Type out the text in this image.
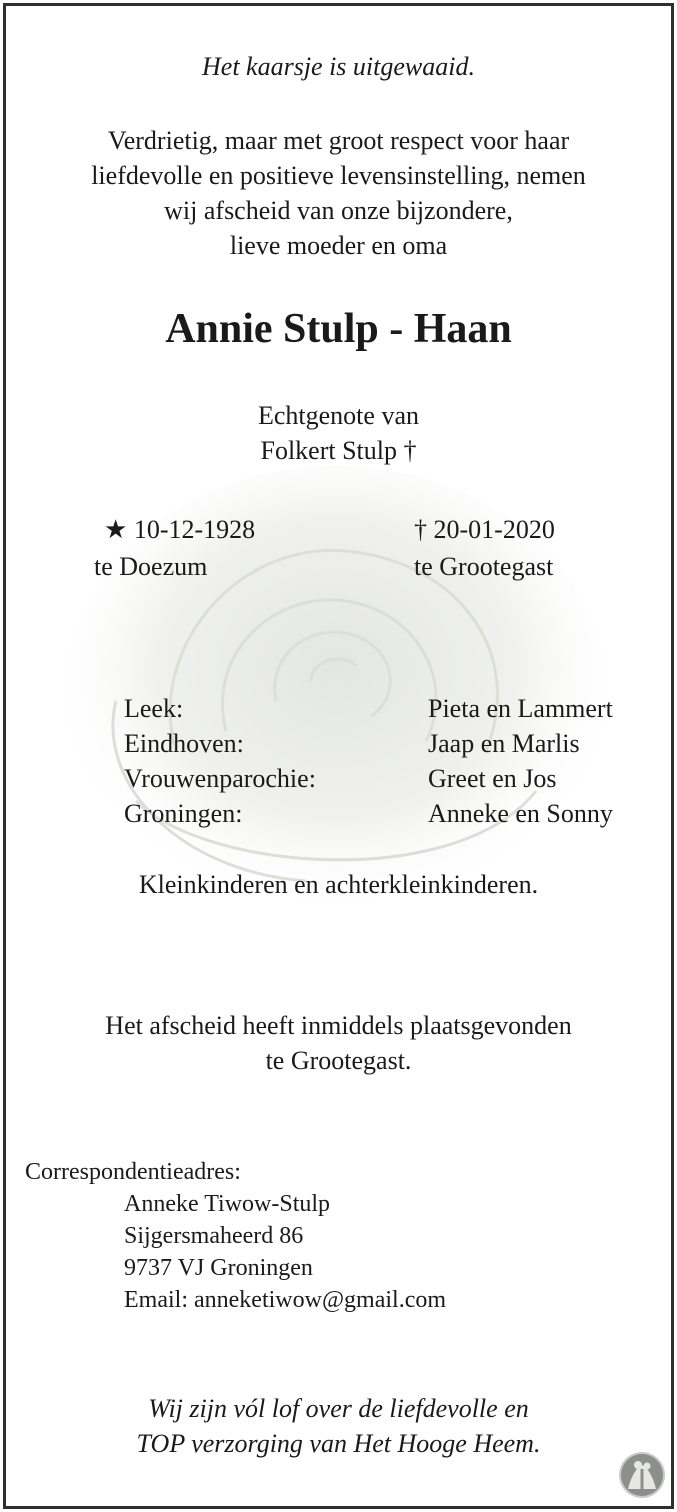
Het kaarsje is uitgewaaid.
Verdrietig, maar met groot respect voor haar
liefdevolle en positieve levensinstelling, nemen
wij afscheid van onze bijzondere,
lieve moeder en oma
Annie Stulp - Haan
Echtgenote van
Folkert Stulp †
★ 10-12-1928
te Doezum
† 20-01-2020
te Grootegast
Leek:	Pieta en Lammert
Eindhoven:	Jaap en Marlis
Vrouwenparochie:	Greet en Jos
Groningen:	Anneke en Sonny
Kleinkinderen en achterkleinkinderen.
Het afscheid heeft inmiddels plaatsgevonden
te Grootegast.
Correspondentieadres:
Anneke Tiwow-Stulp
Sijgersmaheerd 86
9737 VJ Groningen
Email: anneketiwow@gmail.com
Wij zijn vól lof over de liefdevolle en
TOP verzorging van Het Hooge Heem.
